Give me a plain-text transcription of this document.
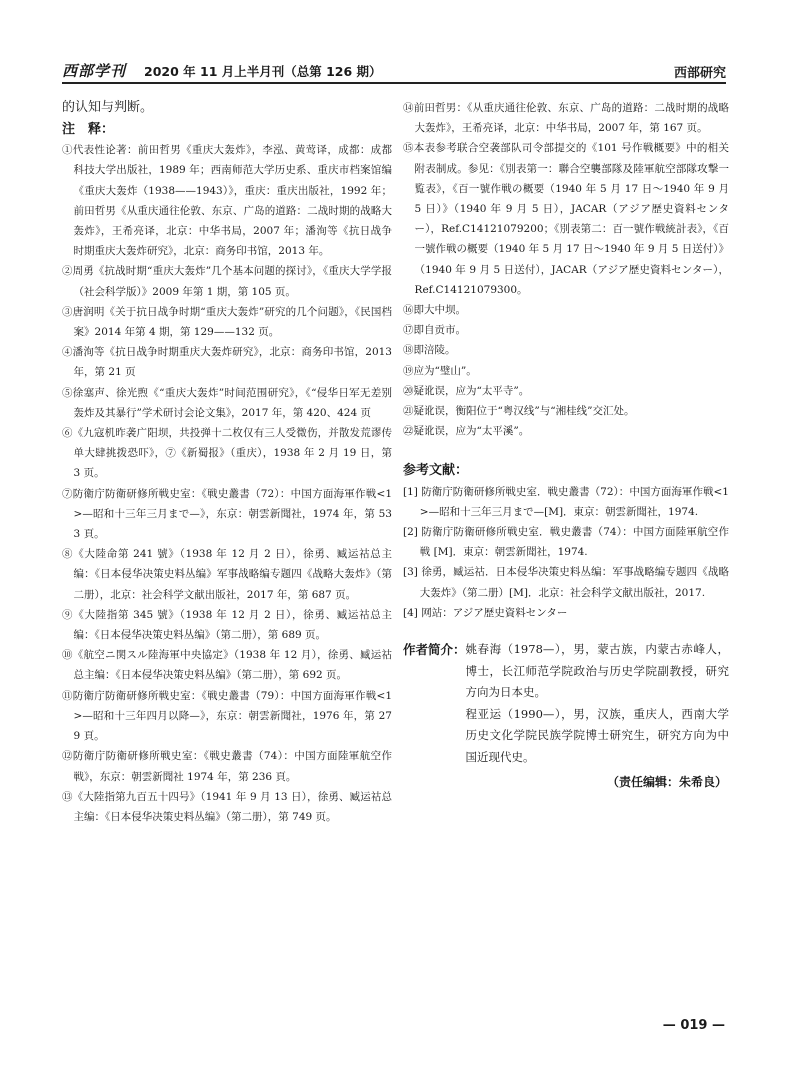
西部学刊 2020 年 11 月上半月刊（总第 126 期）	西部研究
的认知与判断。
注　释：

①代表性论著：前田哲男《重庆大轰炸》，李泓、黄莺译，成都：成都科技大学出版社，1989 年；西南师范大学历史系、重庆市档案馆编《重庆大轰炸（1938——1943）》，重庆：重庆出版社，1992 年；前田哲男《从重庆通往伦敦、东京、广岛的道路：二战时期的战略大轰炸》，王希亮译，北京：中华书局，2007 年；潘洵等《抗日战争时期重庆大轰炸研究》，北京：商务印书馆，2013 年。

②周勇《抗战时期“重庆大轰炸”几个基本问题的探讨》，《重庆大学学报（社会科学版）》2009 年第 1 期，第 105 页。

③唐润明《关于抗日战争时期“重庆大轰炸”研究的几个问题》，《民国档案》2014 年第 4 期，第 129——132 页。

④潘洵等《抗日战争时期重庆大轰炸研究》，北京：商务印书馆，2013 年，第 21 页

⑤徐塞声、徐光煦《“重庆大轰炸”时间范围研究》，《“侵华日军无差别轰炸及其暴行”学术研讨会论文集》，2017 年，第 420、424 页

⑥《九寇机昨袭广阳坝，共投弹十二枚仅有三人受微伤，并散发荒谬传单大肆挑拨恐吓》，⑦《新蜀报》（重庆），1938 年 2 月 19 日，第 3 页。

⑦防衛庁防衛研修所戦史室：《戦史叢書（72）：中国方面海軍作戦<1>—昭和十三年三月まで—》，东京：朝雲新聞社，1974 年，第 533 頁。

⑧《大陸命第 241 號》（1938 年 12 月 2 日），徐勇、臧运祜总主编：《日本侵华决策史料丛编》军事战略编专题四《战略大轰炸》（第二册），北京：社会科学文献出版社，2017 年，第 687 页。

⑨《大陸指第 345 號》（1938 年 12 月 2 日），徐勇、臧运祜总主编：《日本侵华决策史料丛编》（第二册），第 689 页。

⑩《航空ニ関スル陸海軍中央協定》（1938 年 12 月），徐勇、臧运祜总主编：《日本侵华决策史料丛编》（第二册），第 692 页。

⑪防衛庁防衛研修所戦史室：《戦史叢書（79）：中国方面海軍作戦<1>—昭和十三年四月以降—》，东京：朝雲新聞社，1976 年，第 279 頁。

⑫防衛庁防衛研修所戦史室：《戦史叢書（74）：中国方面陸軍航空作戦》，东京：朝雲新聞社 1974 年，第 236 頁。

⑬《大陸指第九百五十四号》（1941 年 9 月 13 日），徐勇、臧运祜总主编：《日本侵华决策史料丛编》（第二册），第 749 页。

⑭前田哲男：《从重庆通往伦敦、东京、广岛的道路：二战时期的战略大轰炸》，王希亮译，北京：中华书局，2007 年，第 167 页。

⑮本表参考联合空袭部队司令部提交的《101 号作戦概要》中的相关附表制成。参见：《別表第一：聯合空襲部隊及陸軍航空部隊攻撃一覧表》，《百一號作戦の概要（1940 年 5 月 17 日～1940 年 9 月 5 日）》（1940 年 9 月 5 日），JACAR（アジア歴史資料センター），Ref.C14121079200；《別表第二：百一號作戦統計表》，《百一號作戦の概要（1940 年 5 月 17 日～1940 年 9 月 5 日送付）》（1940 年 9 月 5 日送付），JACAR（アジア歴史資料センター），Ref.C14121079300。

⑯即大中坝。

⑰即自贡市。

⑱即涪陵。

⑲应为“璧山”。

⑳疑讹误，应为“太平寺”。

㉑疑讹误，衡阳位于“粤汉线”与“湘桂线”交汇处。

㉒疑讹误，应为“太平溪”。

参考文献：

[1] 防衛庁防衛研修所戦史室．戦史叢書（72）：中国方面海軍作戦<1>—昭和十三年三月まで—[M]．東京：朝雲新聞社，1974.

[2] 防衛庁防衛研修所戦史室．戦史叢書（74）：中国方面陸軍航空作戦 [M]．東京：朝雲新聞社，1974.

[3] 徐勇，臧运祜．日本侵华决策史料丛编：军事战略编专题四《战略大轰炸》（第二册）[M]．北京：社会科学文献出版社，2017.

[4] 网站：アジア歴史資料センター

作者简介： 姚春海（1978—），男，蒙古族，内蒙古赤峰人，博士，长江师范学院政治与历史学院副教授，研究方向为日本史。

程亚运（1990—），男，汉族，重庆人，西南大学历史文化学院民族学院博士研究生，研究方向为中国近现代史。

（责任编辑：朱希良）
— 019 —
